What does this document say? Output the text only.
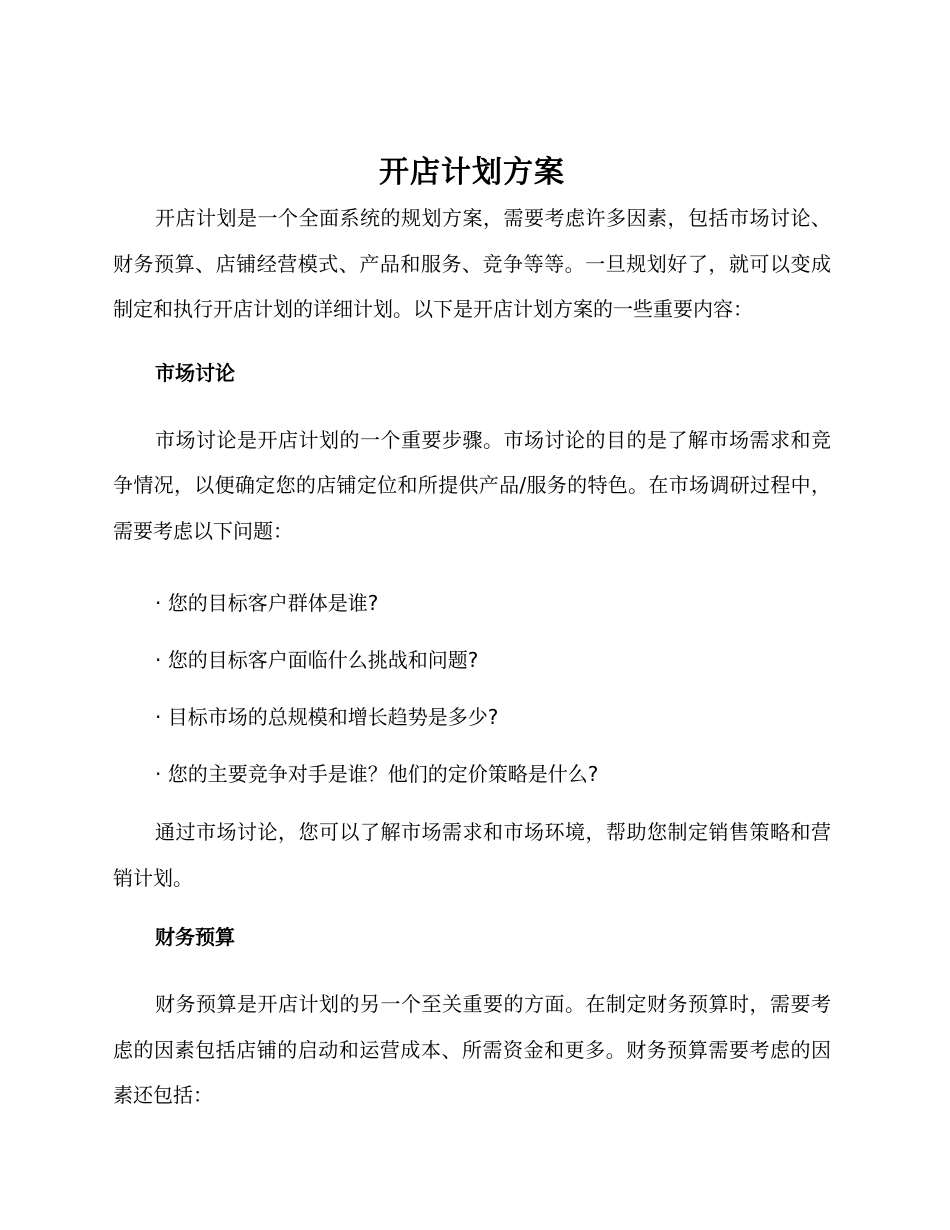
开店计划方案

开店计划是一个全面系统的规划方案，需要考虑许多因素，包括市场讨论、财务预算、店铺经营模式、产品和服务、竞争等等。一旦规划好了，就可以变成制定和执行开店计划的详细计划。以下是开店计划方案的一些重要内容：

市场讨论

市场讨论是开店计划的一个重要步骤。市场讨论的目的是了解市场需求和竞争情况，以便确定您的店铺定位和所提供产品/服务的特色。在市场调研过程中，需要考虑以下问题：

· 您的目标客户群体是谁?

· 您的目标客户面临什么挑战和问题?

· 目标市场的总规模和增长趋势是多少?

· 您的主要竞争对手是谁？他们的定价策略是什么?

通过市场讨论，您可以了解市场需求和市场环境，帮助您制定销售策略和营销计划。

财务预算

财务预算是开店计划的另一个至关重要的方面。在制定财务预算时，需要考虑的因素包括店铺的启动和运营成本、所需资金和更多。财务预算需要考虑的因素还包括：
